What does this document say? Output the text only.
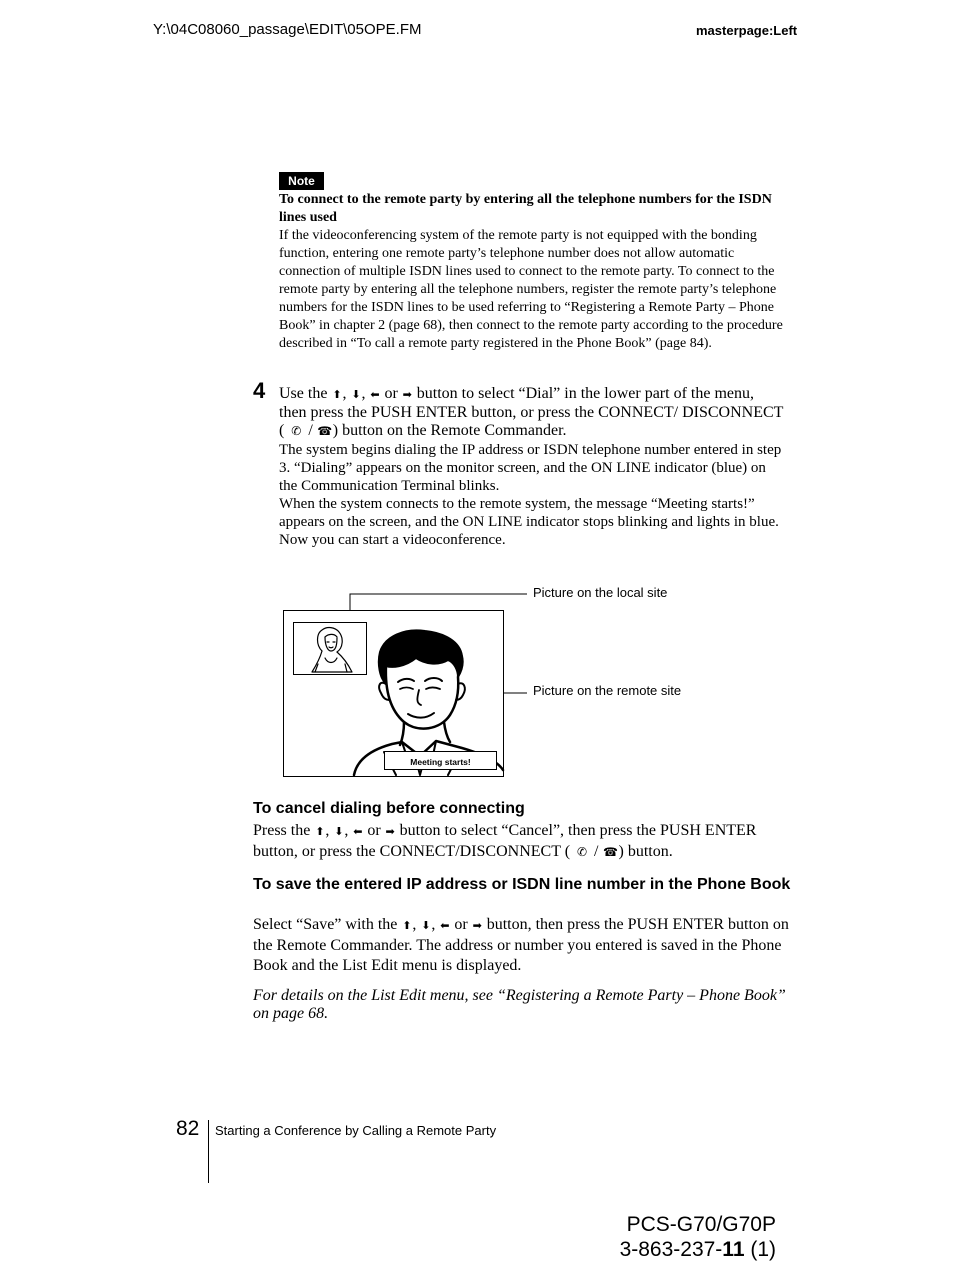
Y:\04C08060_passage\EDIT\05OPE.FM	masterpage:Left
Note
To connect to the remote party by entering all the telephone numbers for the ISDN lines used
If the videoconferencing system of the remote party is not equipped with the bonding function, entering one remote party’s telephone number does not allow automatic connection of multiple ISDN lines used to connect to the remote party. To connect to the remote party by entering all the telephone numbers, register the remote party’s telephone numbers for the ISDN lines to be used referring to “Registering a Remote Party – Phone Book” in chapter 2 (page 68), then connect to the remote party according to the procedure described in “To call a remote party registered in the Phone Book” (page 84).
4 Use the ⬆, ⬇, ⬅ or ➡ button to select “Dial” in the lower part of the menu, then press the PUSH ENTER button, or press the CONNECT/ DISCONNECT ( ✆ / ☎) button on the Remote Commander.
The system begins dialing the IP address or ISDN telephone number entered in step 3. “Dialing” appears on the monitor screen, and the ON LINE indicator (blue) on the Communication Terminal blinks.
When the system connects to the remote system, the message “Meeting starts!” appears on the screen, and the ON LINE indicator stops blinking and lights in blue.
Now you can start a videoconference.
Meeting starts!
Picture on the local site
Picture on the remote site
To cancel dialing before connecting
Press the ⬆, ⬇, ⬅ or ➡ button to select “Cancel”, then press the PUSH ENTER button, or press the CONNECT/DISCONNECT ( ✆ / ☎) button.
To save the entered IP address or ISDN line number in the Phone Book
Select “Save” with the ⬆, ⬇, ⬅ or ➡ button, then press the PUSH ENTER button on the Remote Commander. The address or number you entered is saved in the Phone Book and the List Edit menu is displayed.
For details on the List Edit menu, see “Registering a Remote Party – Phone Book” on page 68.
82 Starting a Conference by Calling a Remote Party
PCS-G70/G70P
3-863-237-11 (1)
